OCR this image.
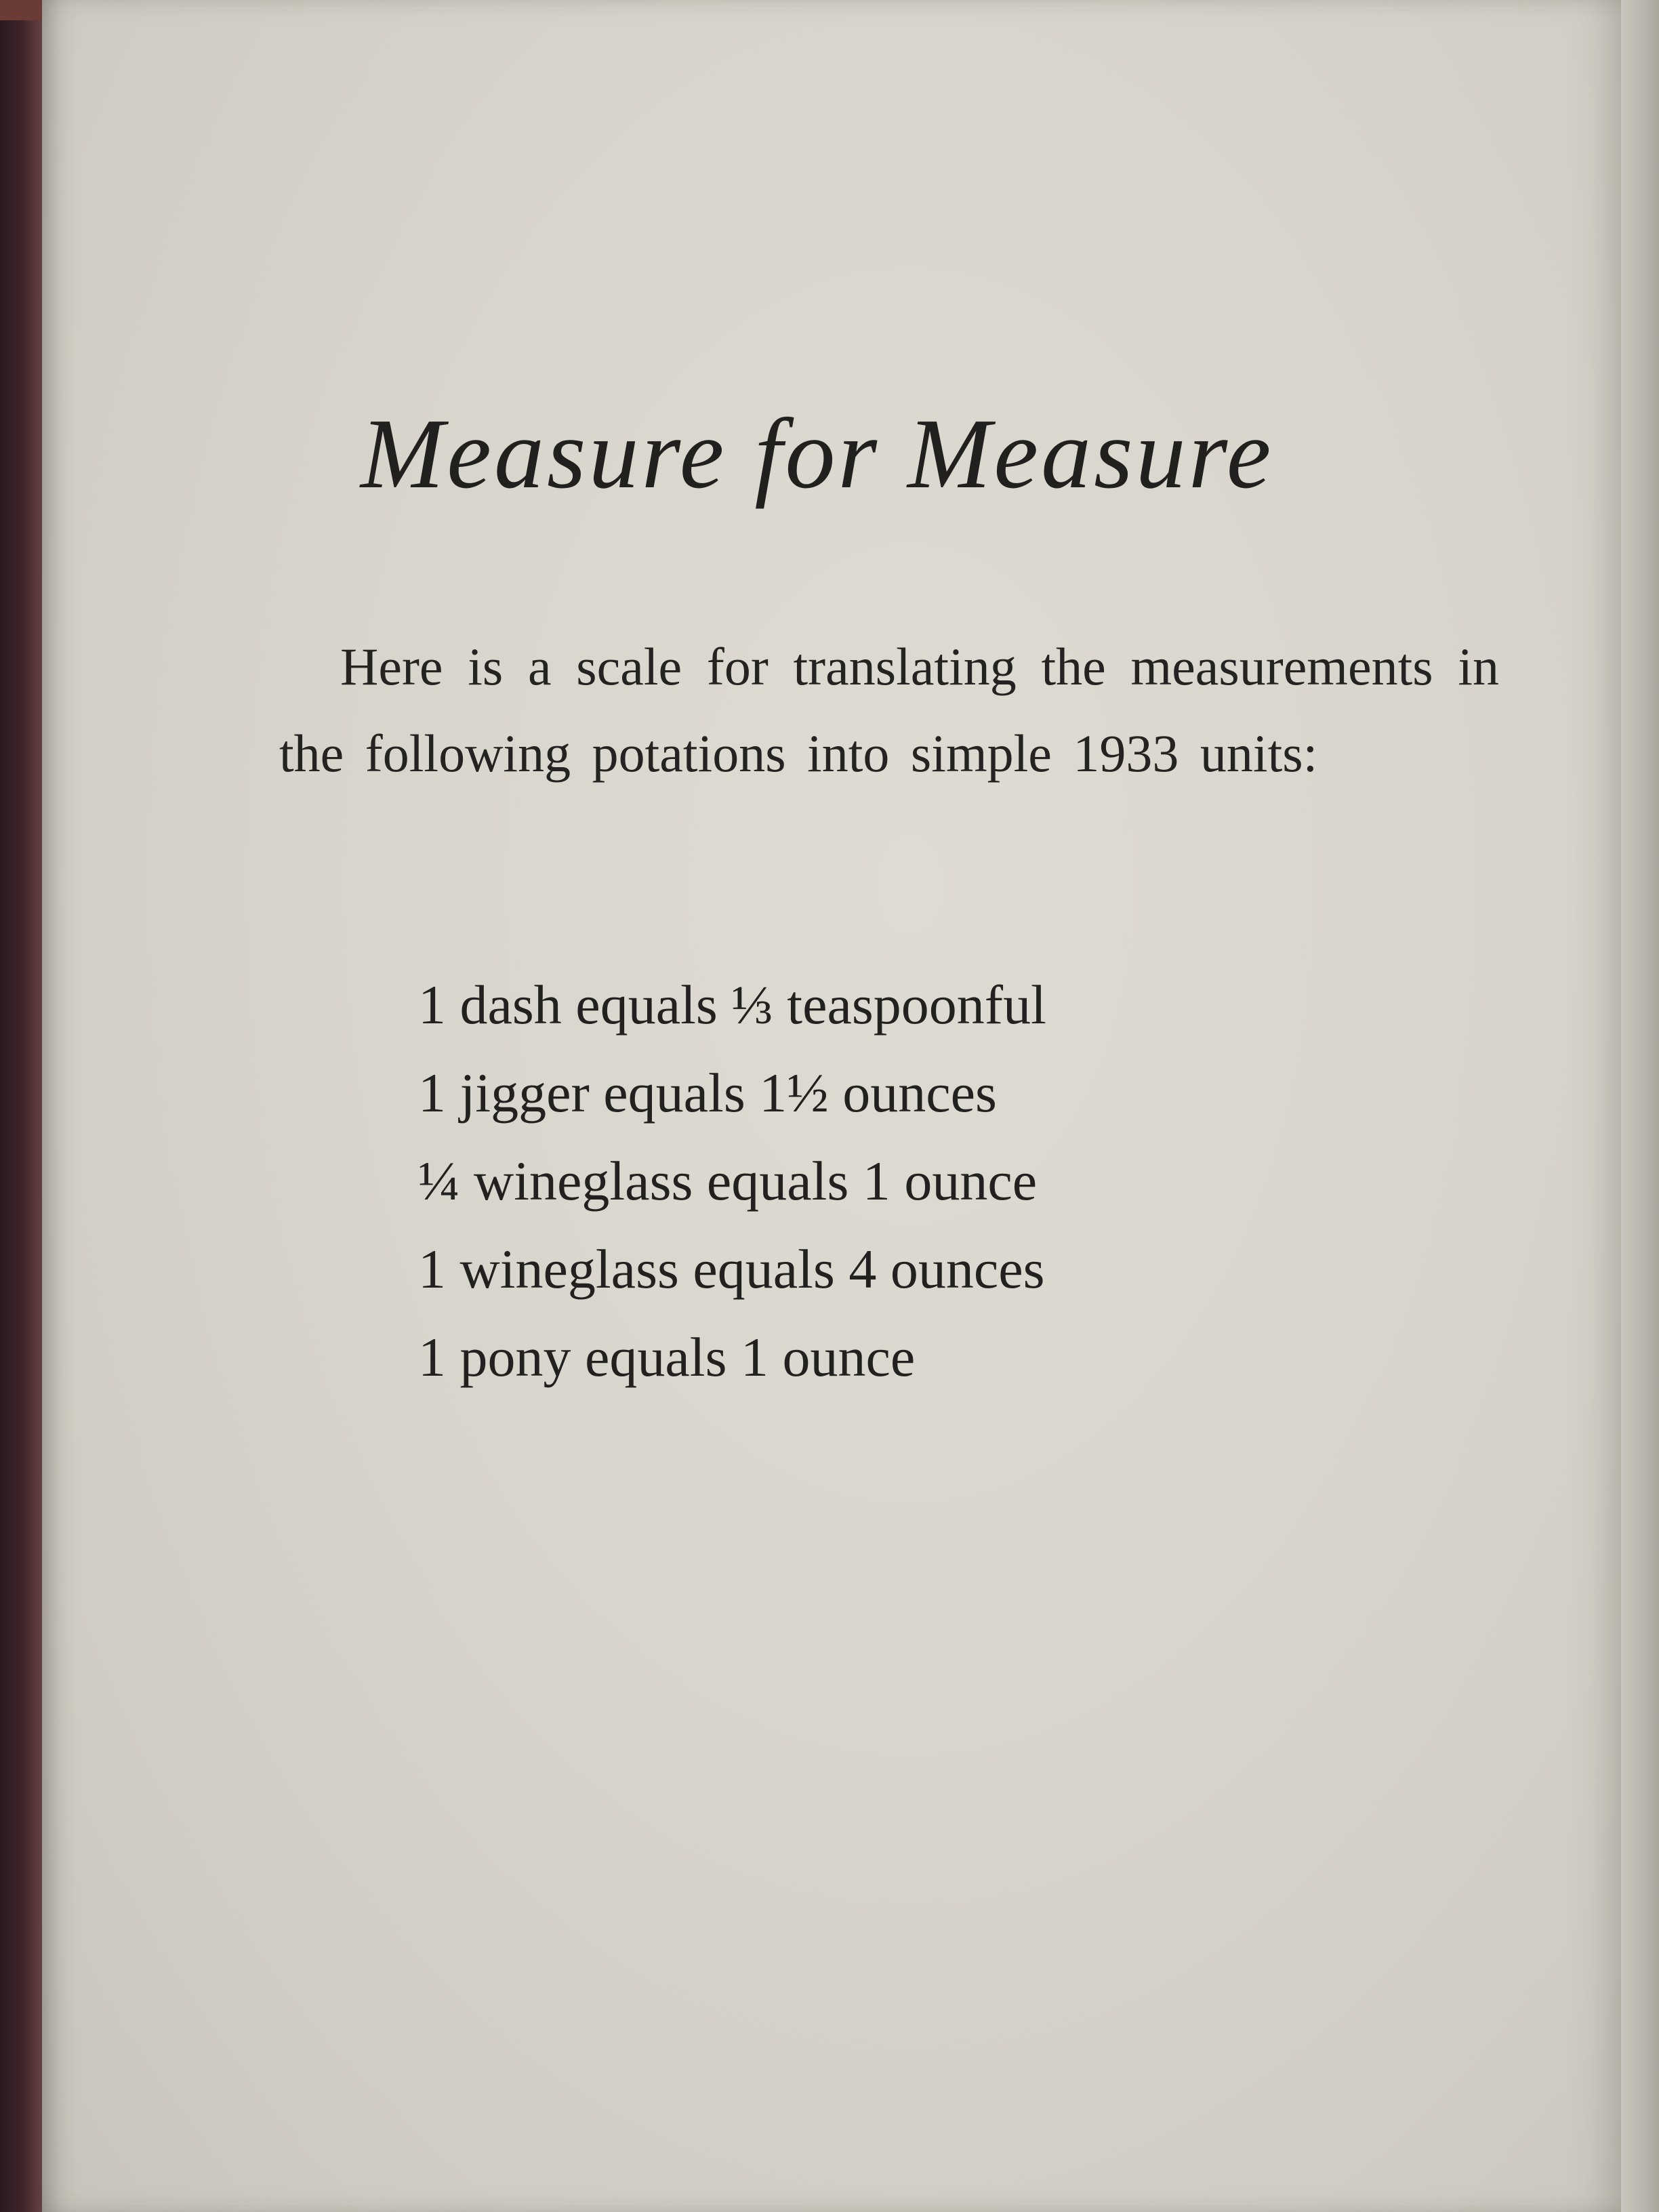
Measure for Measure

Here is a scale for translating the measurements in the following potations into simple 1933 units:

1 dash equals ⅓ teaspoonful
1 jigger equals 1½ ounces
¼ wineglass equals 1 ounce
1 wineglass equals 4 ounces
1 pony equals 1 ounce
